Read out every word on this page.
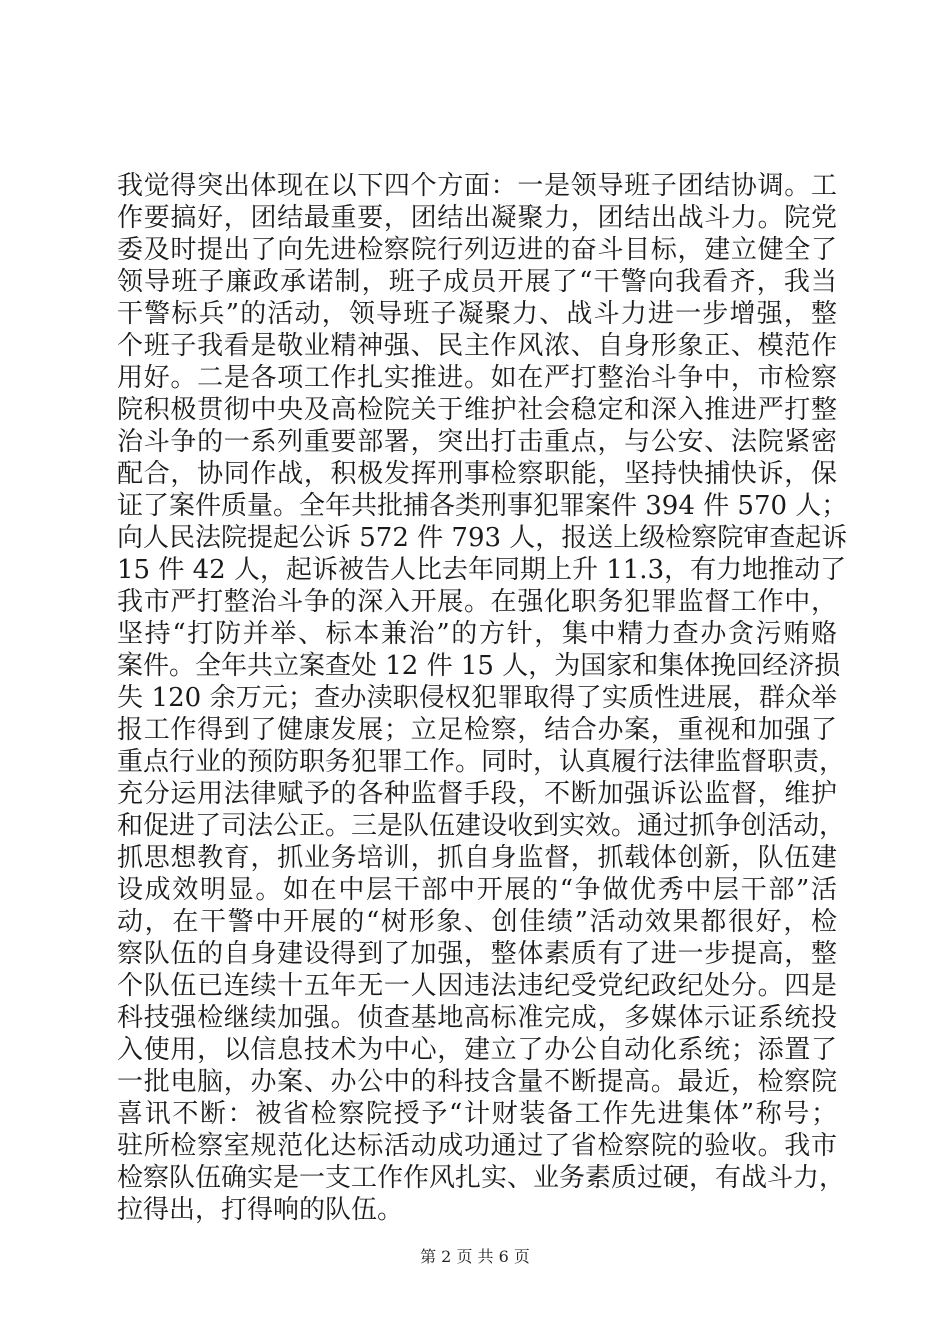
我觉得突出体现在以下四个方面：一是领导班子团结协调。工
作要搞好，团结最重要，团结出凝聚力，团结出战斗力。院党
委及时提出了向先进检察院行列迈进的奋斗目标，建立健全了
领导班子廉政承诺制，班子成员开展了“干警向我看齐，我当
干警标兵”的活动，领导班子凝聚力、战斗力进一步增强，整
个班子我看是敬业精神强、民主作风浓、自身形象正、模范作
用好。二是各项工作扎实推进。如在严打整治斗争中，市检察
院积极贯彻中央及高检院关于维护社会稳定和深入推进严打整
治斗争的一系列重要部署，突出打击重点，与公安、法院紧密
配合，协同作战，积极发挥刑事检察职能，坚持快捕快诉，保
证了案件质量。全年共批捕各类刑事犯罪案件 394 件 570 人；
向人民法院提起公诉 572 件 793 人，报送上级检察院审查起诉
15 件 42 人，起诉被告人比去年同期上升 11.3，有力地推动了
我市严打整治斗争的深入开展。在强化职务犯罪监督工作中，
坚持“打防并举、标本兼治”的方针，集中精力查办贪污贿赂
案件。全年共立案查处 12 件 15 人，为国家和集体挽回经济损
失 120 余万元；查办渎职侵权犯罪取得了实质性进展，群众举
报工作得到了健康发展；立足检察，结合办案，重视和加强了
重点行业的预防职务犯罪工作。同时，认真履行法律监督职责，
充分运用法律赋予的各种监督手段，不断加强诉讼监督，维护
和促进了司法公正。三是队伍建设收到实效。通过抓争创活动，
抓思想教育，抓业务培训，抓自身监督，抓载体创新，队伍建
设成效明显。如在中层干部中开展的“争做优秀中层干部”活
动，在干警中开展的“树形象、创佳绩”活动效果都很好，检
察队伍的自身建设得到了加强，整体素质有了进一步提高，整
个队伍已连续十五年无一人因违法违纪受党纪政纪处分。四是
科技强检继续加强。侦查基地高标准完成，多媒体示证系统投
入使用，以信息技术为中心，建立了办公自动化系统；添置了
一批电脑，办案、办公中的科技含量不断提高。最近，检察院
喜讯不断：被省检察院授予“计财装备工作先进集体”称号；
驻所检察室规范化达标活动成功通过了省检察院的验收。我市
检察队伍确实是一支工作作风扎实、业务素质过硬，有战斗力，
拉得出，打得响的队伍。
第 2 页 共 6 页
